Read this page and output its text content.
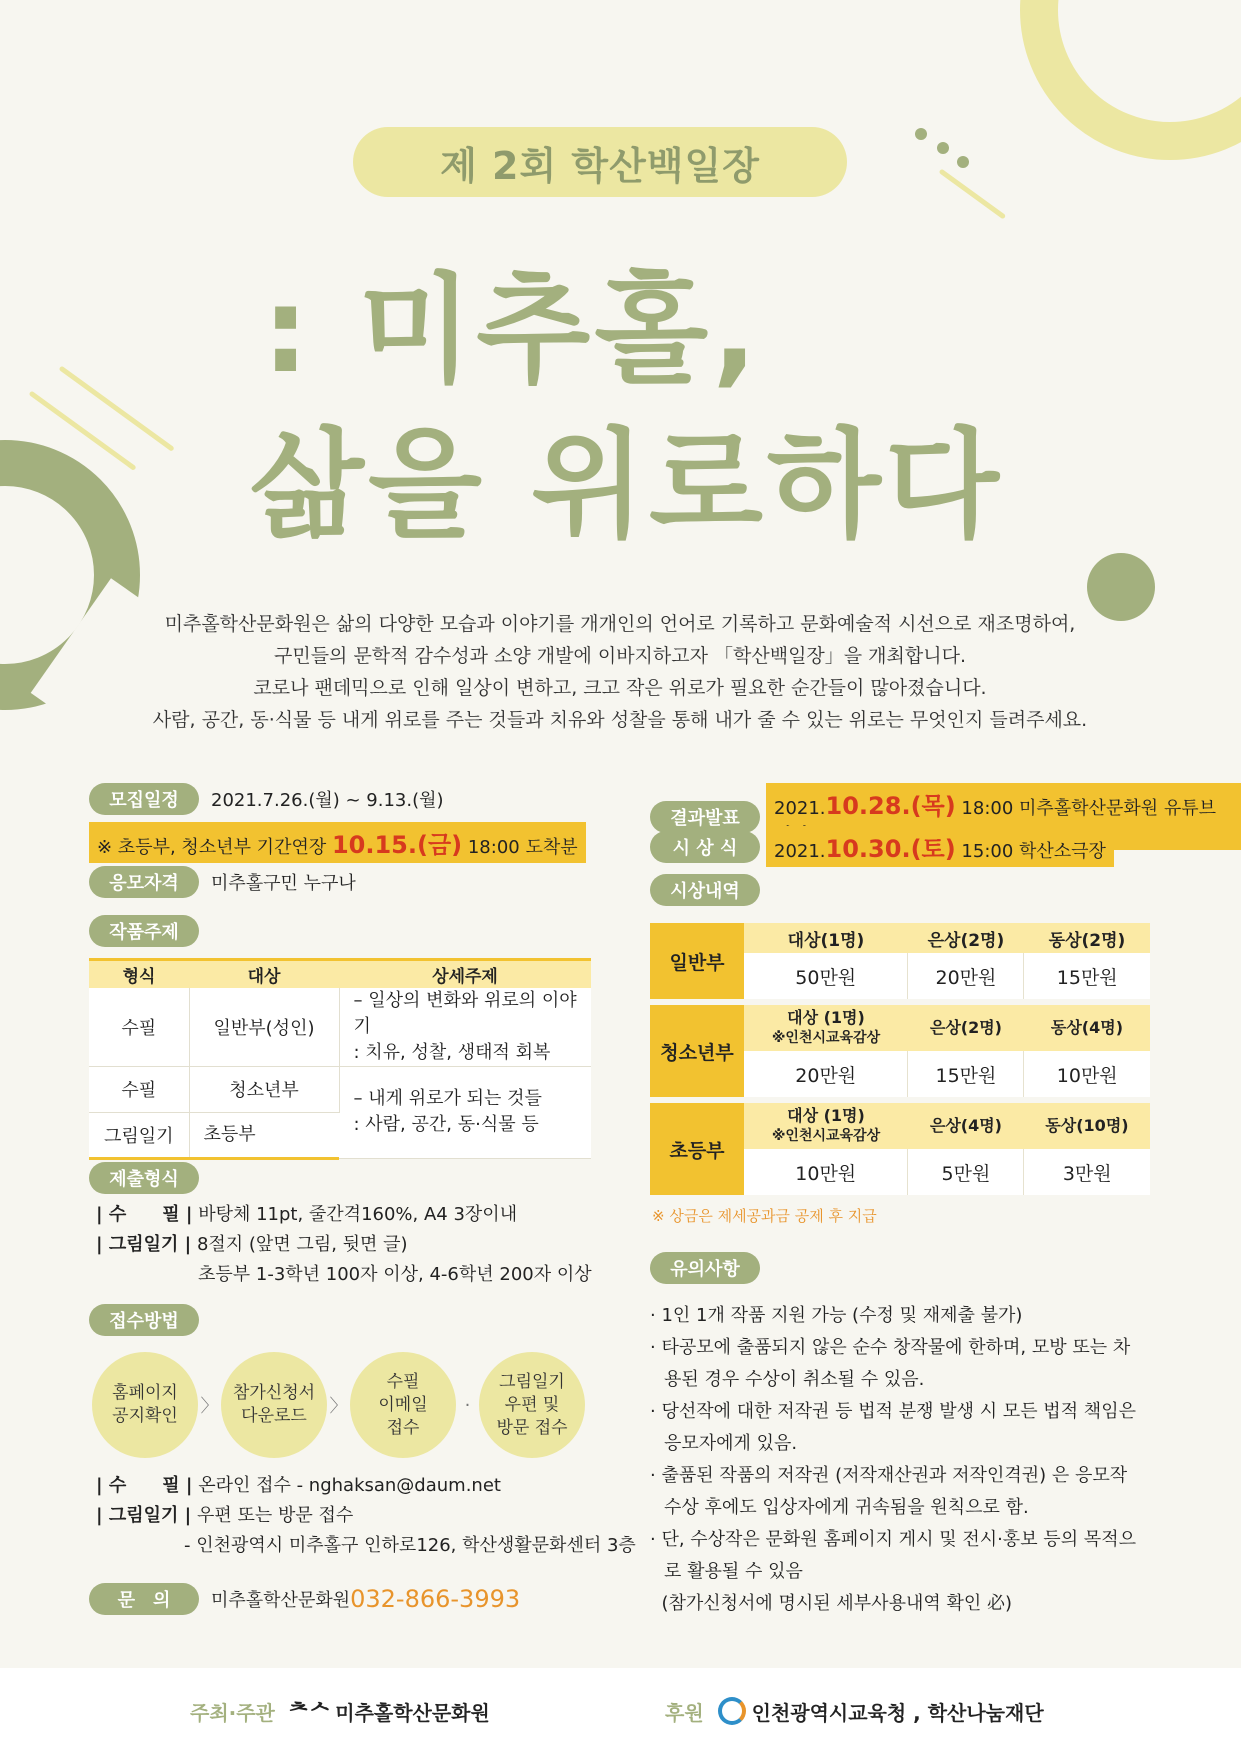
제 2회 학산백일장
: 미추홀,
삶을 위로하다
미추홀학산문화원은 삶의 다양한 모습과 이야기를 개개인의 언어로 기록하고 문화예술적 시선으로 재조명하여,
구민들의 문학적 감수성과 소양 개발에 이바지하고자 「학산백일장」을 개최합니다.
코로나 팬데믹으로 인해 일상이 변하고, 크고 작은 위로가 필요한 순간들이 많아졌습니다.
사람, 공간, 동·식물 등 내게 위로를 주는 것들과 치유와 성찰을 통해 내가 줄 수 있는 위로는 무엇인지 들려주세요.
모집일정	2021.7.26.(월) ~ 9.13.(월)
※ 초등부, 청소년부 기간연장 10.15.(금) 18:00 도착분
응모자격	미추홀구민 누구나
작품주제
형식	대상	상세주제
수필	일반부(성인)	– 일상의 변화와 위로의 이야기
: 치유, 성찰, 생태적 회복

수필	청소년부	– 내게 위로가 되는 것들
: 사람, 공간, 동·식물 등

그림일기	초등부	
제출형식
| 수　　필 | 바탕체 11pt, 줄간격160%, A4 3장이내
| 그림일기 | 8절지 (앞면 그림, 뒷면 글)
초등부 1-3학년 100자 이상, 4-6학년 200자 이상
접수방법
홈페이지
공지확인	〉
참가신청서
다운로드	〉
수필
이메일
접수
·
그림일기
우편 및
방문 접수
| 수　　필 | 온라인 접수 - nghaksan@daum.net
| 그림일기 | 우편 또는 방문 접수
- 인천광역시 미추홀구 인하로126, 학산생활문화센터 3층
문　의	미추홀학산문화원 032-866-3993
결과발표	2021.10.28.(목) 18:00 미추홀학산문화원 유튜브
시 상 식	2021.10.30.(토) 15:00 학산소극장
시상내역
일반부	대상(1명)	은상(2명)	동상(2명)
	50만원	20만원	15만원

청소년부	대상 (1명)
※인천시교육감상	은상(2명)	동상(4명)
	20만원	15만원	10만원

초등부	대상 (1명)
※인천시교육감상	은상(4명)	동상(10명)
	10만원	5만원	3만원
※ 상금은 제세공과금 공제 후 지급
유의사항
· 1인 1개 작품 지원 가능 (수정 및 재제출 불가)
· 타공모에 출품되지 않은 순수 창작물에 한하며, 모방 또는 차용된 경우 수상이 취소될 수 있음.
· 당선작에 대한 저작권 등 법적 분쟁 발생 시 모든 법적 책임은 응모자에게 있음.
· 출품된 작품의 저작권 (저작재산권과 저작인격권) 은 응모작 수상 후에도 입상자에게 귀속됨을 원칙으로 함.
· 단, 수상작은 문화원 홈페이지 게시 및 전시·홍보 등의 목적으로 활용될 수 있음
(참가신청서에 명시된 세부사용내역 확인 必)
주최·주관 ᄎᄉ 미추홀학산문화원	후원 인천광역시교육청 , 학산나눔재단
